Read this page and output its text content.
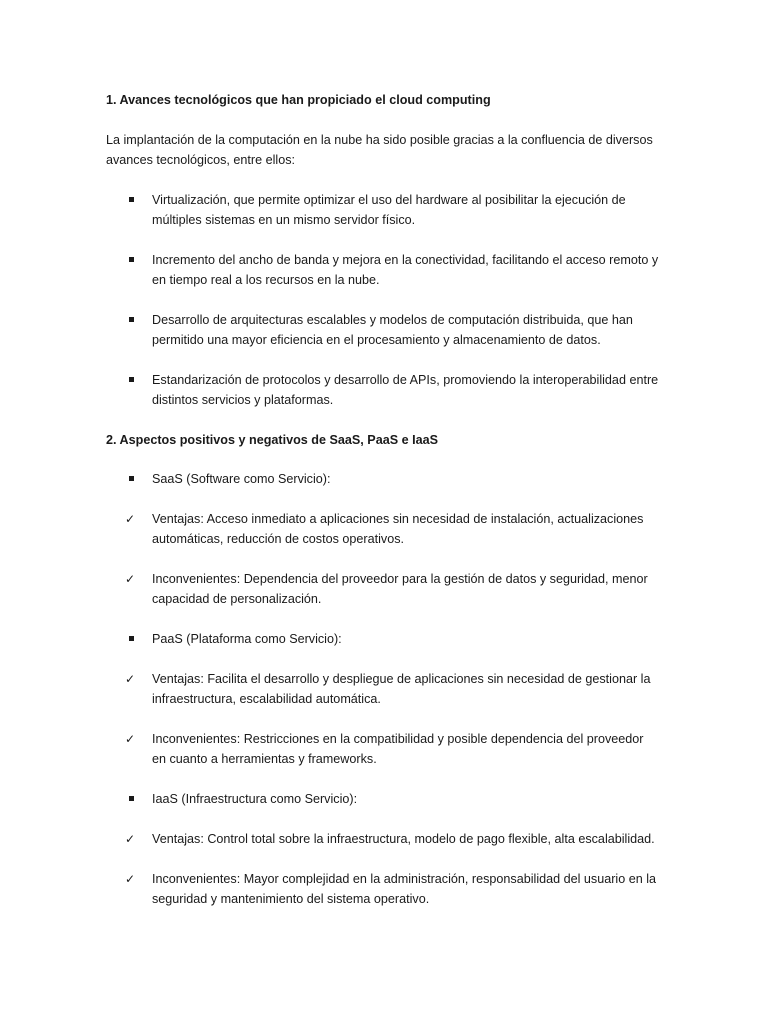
1. Avances tecnológicos que han propiciado el cloud computing

La implantación de la computación en la nube ha sido posible gracias a la confluencia de diversos
avances tecnológicos, entre ellos:
Virtualización, que permite optimizar el uso del hardware al posibilitar la ejecución de
múltiples sistemas en un mismo servidor físico.
Incremento del ancho de banda y mejora en la conectividad, facilitando el acceso remoto y
en tiempo real a los recursos en la nube.
Desarrollo de arquitecturas escalables y modelos de computación distribuida, que han
permitido una mayor eficiencia en el procesamiento y almacenamiento de datos.
Estandarización de protocolos y desarrollo de APIs, promoviendo la interoperabilidad entre
distintos servicios y plataformas.

2. Aspectos positivos y negativos de SaaS, PaaS e IaaS

SaaS (Software como Servicio):
✓	Ventajas: Acceso inmediato a aplicaciones sin necesidad de instalación, actualizaciones
automáticas, reducción de costos operativos.
✓	Inconvenientes: Dependencia del proveedor para la gestión de datos y seguridad, menor
capacidad de personalización.
PaaS (Plataforma como Servicio):
✓	Ventajas: Facilita el desarrollo y despliegue de aplicaciones sin necesidad de gestionar la
infraestructura, escalabilidad automática.
✓	Inconvenientes: Restricciones en la compatibilidad y posible dependencia del proveedor
en cuanto a herramientas y frameworks.
IaaS (Infraestructura como Servicio):
✓	Ventajas: Control total sobre la infraestructura, modelo de pago flexible, alta escalabilidad.
✓	Inconvenientes: Mayor complejidad en la administración, responsabilidad del usuario en la
seguridad y mantenimiento del sistema operativo.
